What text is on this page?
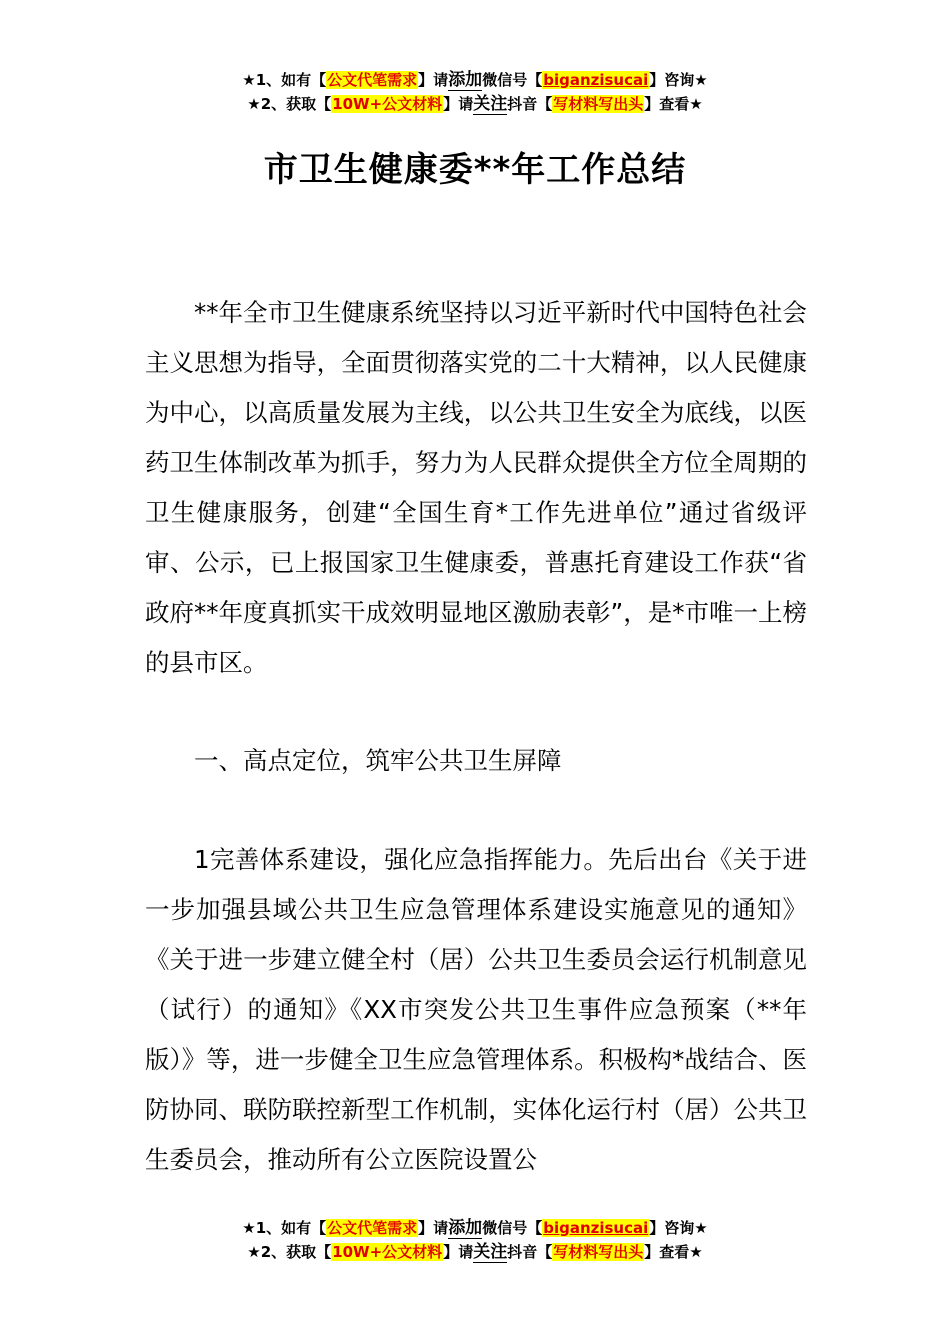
★1、如有【公文代笔需求】请添加微信号【biganzisucai】咨询★
★2、获取【10W+公文材料】请关注抖音【写材料写出头】查看★
市卫生健康委**年工作总结
**年全市卫生健康系统坚持以习近平新时代中国特色社会主义思想为指导，全面贯彻落实党的二十大精神，以人民健康为中心，以高质量发展为主线，以公共卫生安全为底线，以医药卫生体制改革为抓手，努力为人民群众提供全方位全周期的卫生健康服务，创建“全国生育*工作先进单位”通过省级评审、公示，已上报国家卫生健康委，普惠托育建设工作获“省政府**年度真抓实干成效明显地区激励表彰”，是*市唯一上榜的县市区。
一、高点定位，筑牢公共卫生屏障
1完善体系建设，强化应急指挥能力。先后出台《关于进一步加强县域公共卫生应急管理体系建设实施意见的通知》《关于进一步建立健全村（居）公共卫生委员会运行机制意见（试行）的通知》《XX市突发公共卫生事件应急预案（**年版）》等，进一步健全卫生应急管理体系。积极构*战结合、医防协同、联防联控新型工作机制，实体化运行村（居）公共卫生委员会，推动所有公立医院设置公
★1、如有【公文代笔需求】请添加微信号【biganzisucai】咨询★
★2、获取【10W+公文材料】请关注抖音【写材料写出头】查看★
